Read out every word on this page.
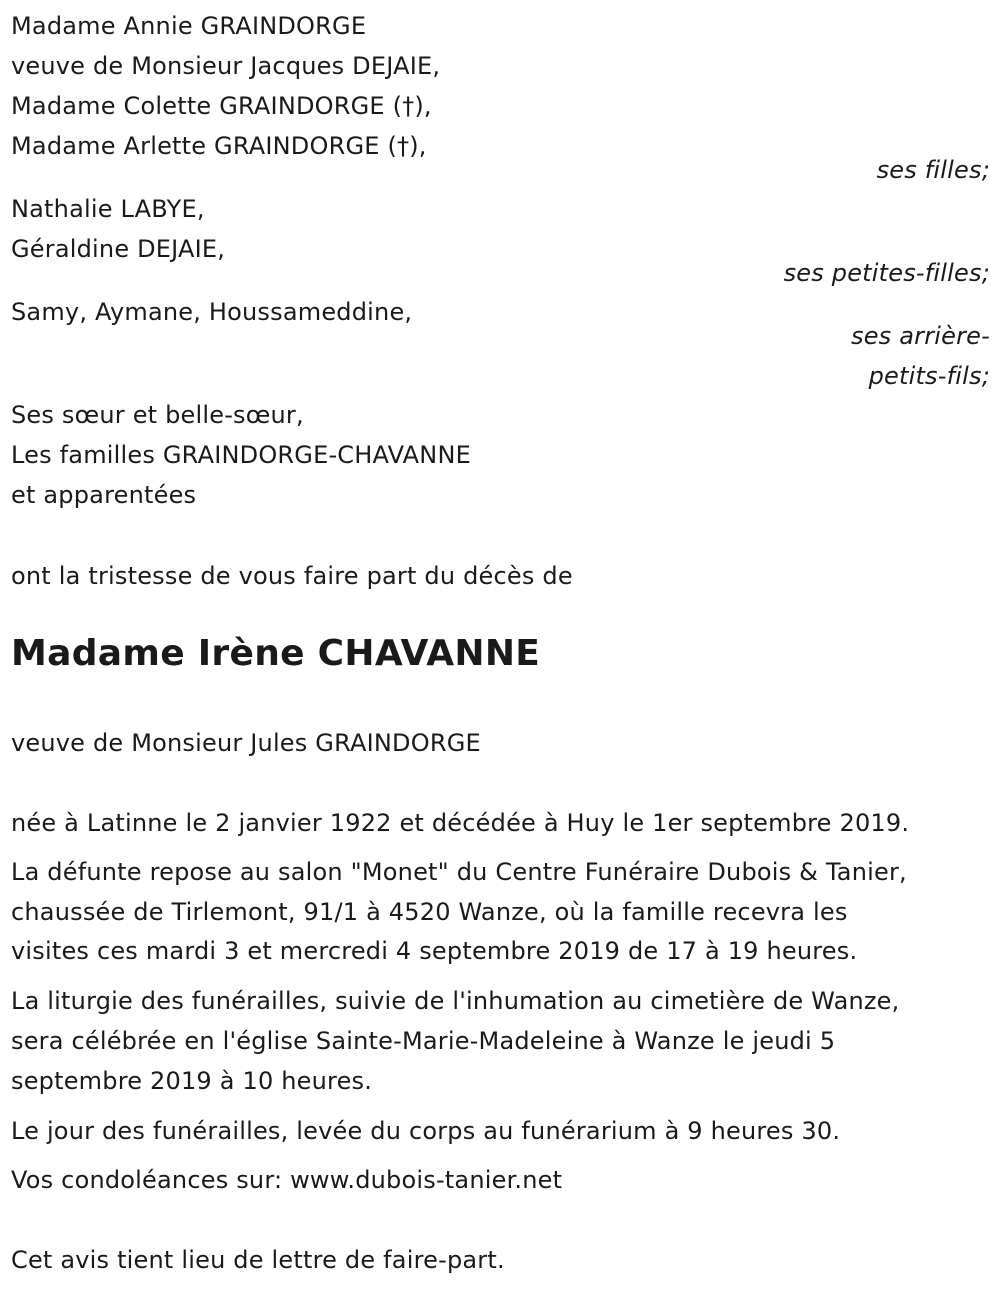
Madame Annie GRAINDORGE
veuve de Monsieur Jacques DEJAIE,
Madame Colette GRAINDORGE (†),
Madame Arlette GRAINDORGE (†),
ses filles;
Nathalie LABYE,
Géraldine DEJAIE,
ses petites-filles;
Samy, Aymane, Houssameddine,
ses arrière-
petits-fils;
Ses sœur et belle-sœur,
Les familles GRAINDORGE-CHAVANNE
et apparentées
ont la tristesse de vous faire part du décès de
Madame Irène CHAVANNE
veuve de Monsieur Jules GRAINDORGE
née à Latinne le 2 janvier 1922 et décédée à Huy le 1er septembre 2019.
La défunte repose au salon "Monet" du Centre Funéraire Dubois & Tanier,
chaussée de Tirlemont, 91/1 à 4520 Wanze, où la famille recevra les
visites ces mardi 3 et mercredi 4 septembre 2019 de 17 à 19 heures.
La liturgie des funérailles, suivie de l'inhumation au cimetière de Wanze,
sera célébrée en l'église Sainte-Marie-Madeleine à Wanze le jeudi 5
septembre 2019 à 10 heures.
Le jour des funérailles, levée du corps au funérarium à 9 heures 30.
Vos condoléances sur: www.dubois-tanier.net
Cet avis tient lieu de lettre de faire-part.
